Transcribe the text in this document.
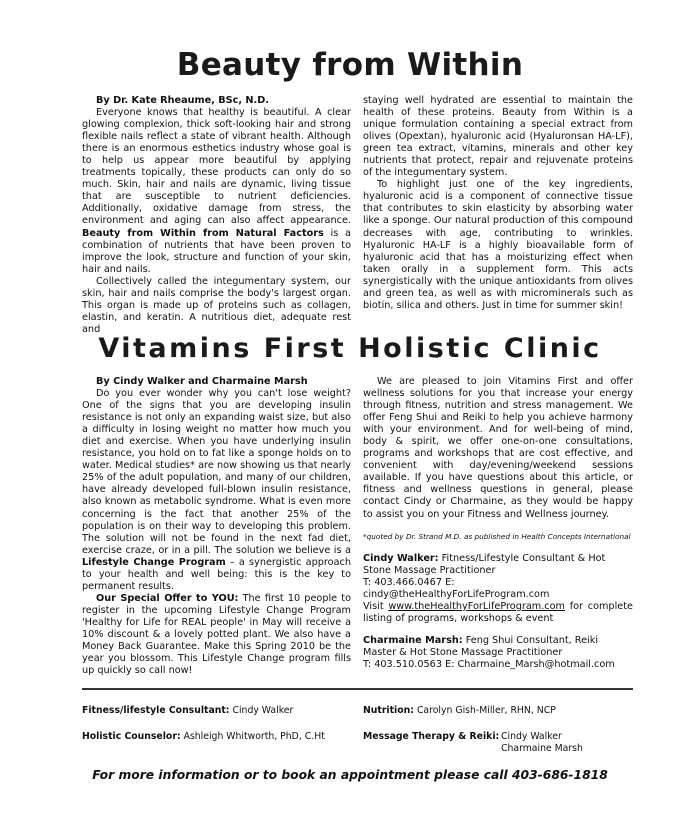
Beauty from Within

By Dr. Kate Rheaume, BSc, N.D.

Everyone knows that healthy is beautiful. A clear glowing complexion, thick soft-looking hair and strong flexible nails reflect a state of vibrant health. Although there is an enormous esthetics industry whose goal is to help us appear more beautiful by applying treatments topically, these products can only do so much. Skin, hair and nails are dynamic, living tissue that are susceptible to nutrient deficiencies. Additionally, oxidative damage from stress, the environment and aging can also affect appearance. Beauty from Within from Natural Factors is a combination of nutrients that have been proven to improve the look, structure and function of your skin, hair and nails.

Collectively called the integumentary system, our skin, hair and nails comprise the body's largest organ. This organ is made up of proteins such as collagen, elastin, and keratin. A nutritious diet, adequate rest and

staying well hydrated are essential to maintain the health of these proteins. Beauty from Within is a unique formulation containing a special extract from olives (Opextan), hyaluronic acid (Hyaluronsan HA-LF), green tea extract, vitamins, minerals and other key nutrients that protect, repair and rejuvenate proteins of the integumentary system.

To highlight just one of the key ingredients, hyaluronic acid is a component of connective tissue that contributes to skin elasticity by absorbing water like a sponge. Our natural production of this compound decreases with age, contributing to wrinkles. Hyaluronic HA-LF is a highly bioavailable form of hyaluronic acid that has a moisturizing effect when taken orally in a supplement form. This acts synergistically with the unique antioxidants from olives and green tea, as well as with microminerals such as biotin, silica and others. Just in time for summer skin!

Vitamins First Holistic Clinic

By Cindy Walker and Charmaine Marsh

Do you ever wonder why you can't lose weight? One of the signs that you are developing insulin resistance is not only an expanding waist size, but also a difficulty in losing weight no matter how much you diet and exercise. When you have underlying insulin resistance, you hold on to fat like a sponge holds on to water. Medical studies* are now showing us that nearly 25% of the adult population, and many of our children, have already developed full-blown insulin resistance, also known as metabolic syndrome. What is even more concerning is the fact that another 25% of the population is on their way to developing this problem. The solution will not be found in the next fad diet, exercise craze, or in a pill. The solution we believe is a Lifestyle Change Program – a synergistic approach to your health and well being: this is the key to permanent results.

Our Special Offer to YOU: The first 10 people to register in the upcoming Lifestyle Change Program 'Healthy for Life for REAL people' in May will receive a 10% discount & a lovely potted plant. We also have a Money Back Guarantee. Make this Spring 2010 be the year you blossom. This Lifestyle Change program fills up quickly so call now!

We are pleased to join Vitamins First and offer wellness solutions for you that increase your energy through fitness, nutrition and stress management. We offer Feng Shui and Reiki to help you achieve harmony with your environment. And for well-being of mind, body & spirit, we offer one-on-one consultations, programs and workshops that are cost effective, and convenient with day/evening/weekend sessions available. If you have questions about this article, or fitness and wellness questions in general, please contact Cindy or Charmaine, as they would be happy to assist you on your Fitness and Wellness journey.

*quoted by Dr. Strand M.D. as published in Health Concepts International

Cindy Walker: Fitness/Lifestyle Consultant & Hot Stone Massage Practitioner

T: 403.466.0467 E: cindy@theHealthyForLifeProgram.com

Visit www.theHealthyForLifeProgram.com for complete listing of programs, workshops & event

Charmaine Marsh: Feng Shui Consultant, Reiki Master & Hot Stone Massage Practitioner

T: 403.510.0563 E: Charmaine_Marsh@hotmail.com

Fitness/lifestyle Consultant: Cindy Walker
Holistic Counselor: Ashleigh Whitworth, PhD, C.Ht
Nutrition: Carolyn Gish-Miller, RHN, NCP
Message Therapy & Reiki: Cindy Walker
Charmaine Marsh
For more information or to book an appointment please call 403-686-1818
